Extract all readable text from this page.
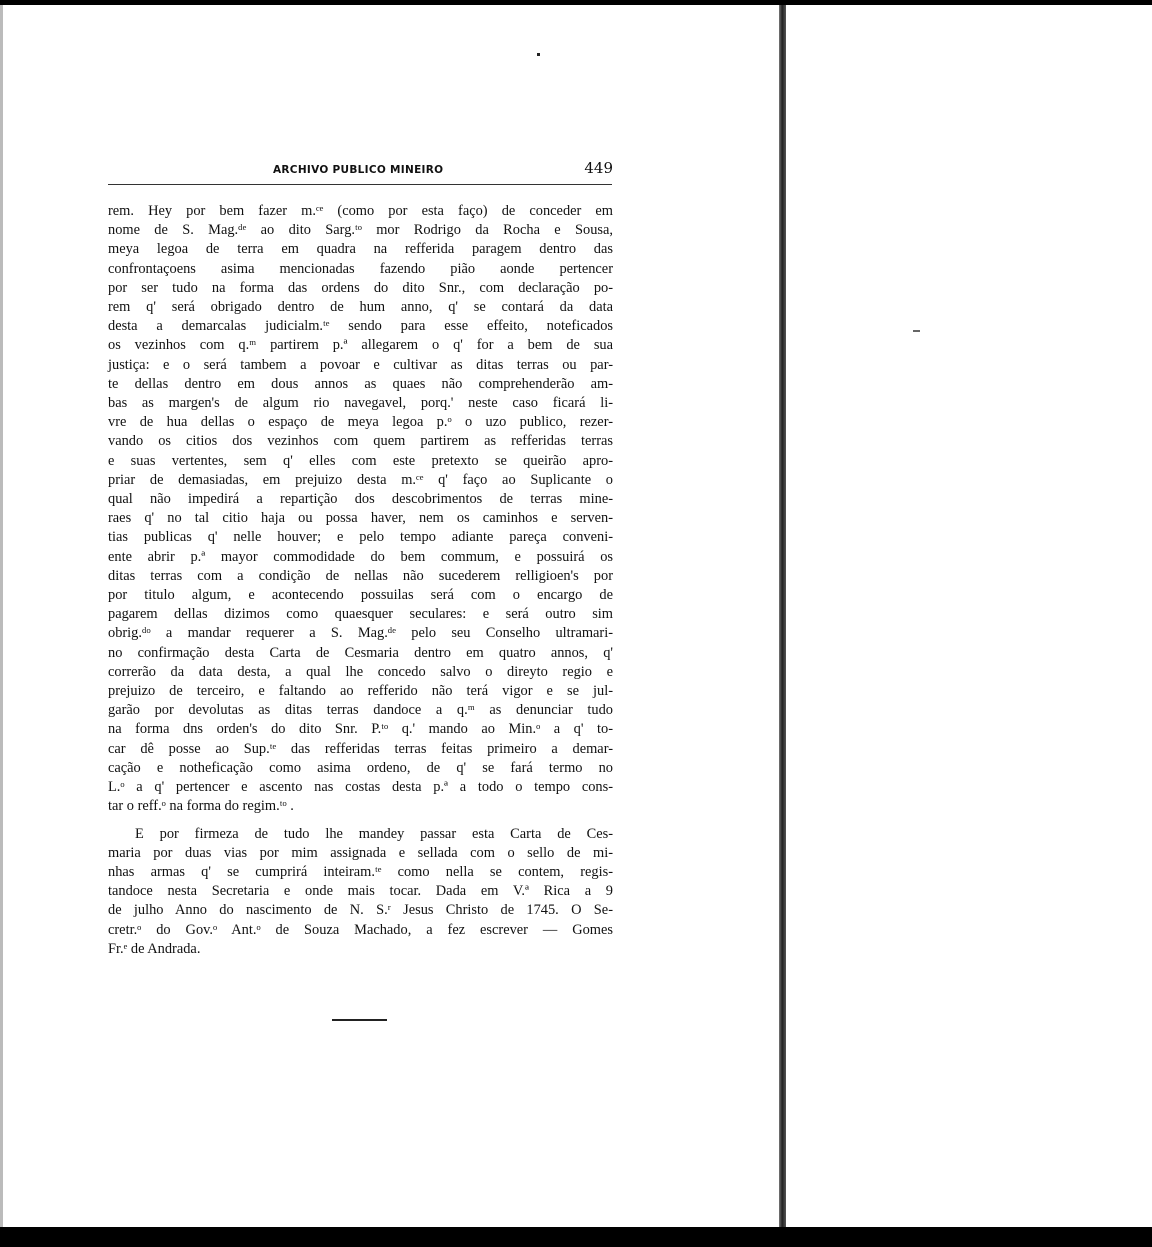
ARCHIVO PUBLICO MINEIRO	449

rem. Hey por bem fazer m.ᶜᵉ (como por esta faço) de conceder em
nome de S. Mag.ᵈᵉ ao dito Sarg.ᵗᵒ mor Rodrigo da Rocha e Sousa,
meya legoa de terra em quadra na refferida paragem dentro das
confrontaçoens asima mencionadas fazendo pião aonde pertencer
por ser tudo na forma das ordens do dito Snr., com declaração po-
rem q' será obrigado dentro de hum anno, q' se contará da data
desta a demarcalas judicialm.ᵗᵉ sendo para esse effeito, noteficados
os vezinhos com q.ᵐ partirem p.ª allegarem o q' for a bem de sua
justiça: e o será tambem a povoar e cultivar as ditas terras ou par-
te dellas dentro em dous annos as quaes não comprehenderão am-
bas as margen's de algum rio navegavel, porq.' neste caso ficará li-
vre de hua dellas o espaço de meya legoa p.ᵒ o uzo publico, rezer-
vando os citios dos vezinhos com quem partirem as refferidas terras
e suas vertentes, sem q' elles com este pretexto se queirão apro-
priar de demasiadas, em prejuizo desta m.ᶜᵉ q' faço ao Suplicante o
qual não impedirá a repartição dos descobrimentos de terras mine-
raes q' no tal citio haja ou possa haver, nem os caminhos e serven-
tias publicas q' nelle houver; e pelo tempo adiante pareça conveni-
ente abrir p.ª mayor commodidade do bem commum, e possuirá os
ditas terras com a condição de nellas não sucederem relligioen's por
por titulo algum, e acontecendo possuilas será com o encargo de
pagarem dellas dizimos como quaesquer seculares: e será outro sim
obrig.ᵈᵒ a mandar requerer a S. Mag.ᵈᵉ pelo seu Conselho ultramari-
no confirmação desta Carta de Cesmaria dentro em quatro annos, q'
correrão da data desta, a qual lhe concedo salvo o direyto regio e
prejuizo de terceiro, e faltando ao refferido não terá vigor e se jul-
garão por devolutas as ditas terras dandoce a q.ᵐ as denunciar tudo
na forma dns orden's do dito Snr. P.ᵗᵒ q.' mando ao Min.ᵒ a q' to-
car dê posse ao Sup.ᵗᵉ das refferidas terras feitas primeiro a demar-
cação e notheficação como asima ordeno, de q' se fará termo no
L.ᵒ a q' pertencer e ascento nas costas desta p.ª a todo o tempo cons-
tar o reff.ᵒ na forma do regim.ᵗᵒ .

E por firmeza de tudo lhe mandey passar esta Carta de Ces-
maria por duas vias por mim assignada e sellada com o sello de mi-
nhas armas q' se cumprirá inteiram.ᵗᵉ como nella se contem, regis-
tandoce nesta Secretaria e onde mais tocar. Dada em V.ª Rica a 9
de julho Anno do nascimento de N. S.ʳ Jesus Christo de 1745. O Se-
cretr.ᵒ do Gov.ᵒ Ant.ᵒ de Souza Machado, a fez escrever — Gomes
Fr.ᵉ de Andrada.
